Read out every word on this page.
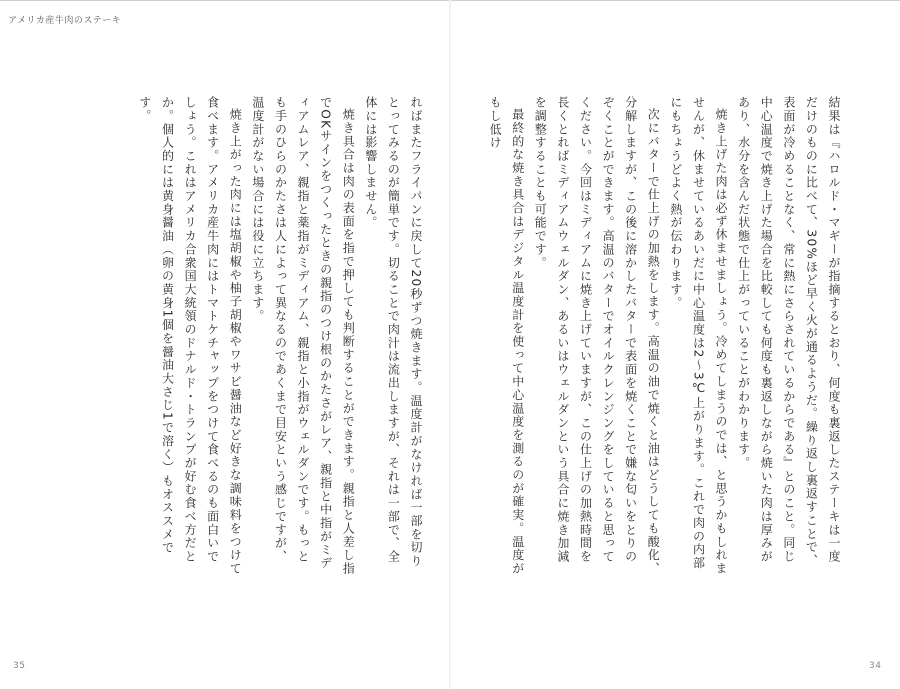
アメリカ産牛肉のステーキ

結果は『ハロルド・マギーが指摘するとおり、何度も裏返したステーキは一度だけのものに比べて、30%ほど早く火が通るようだ。繰り返し裏返すことで、表面が冷めることなく、常に熱にさらされているからである』とのこと。同じ中心温度で焼き上げた場合を比較しても何度も裏返しながら焼いた肉は厚みがあり、水分を含んだ状態で仕上がっていることがわかります。

焼き上げた肉は必ず休ませましょう。冷めてしまうのでは、と思うかもしれませんが、休ませているあいだに中心温度は2～3℃上がります。これで肉の内部にもちょうどよく熱が伝わります。

次にバターで仕上げの加熱をします。高温の油で焼くと油はどうしても酸化、分解しますが、この後に溶かしたバターで表面を焼くことで嫌な匂いをとりのぞくことができます。高温のバターでオイルクレンジングをしていると思ってください。今回はミディアムに焼き上げていますが、この仕上げの加熱時間を長くとればミディアムウェルダン、あるいはウェルダンという具合に焼き加減を調整することも可能です。

最終的な焼き具合はデジタル温度計を使って中心温度を測るのが確実。温度がもし低け

ればまたフライパンに戻して20秒ずつ焼きます。温度計がなければ一部を切りとってみるのが簡単です。切ることで肉汁は流出しますが、それは一部で、全体には影響しません。

焼き具合は肉の表面を指で押しても判断することができます。親指と人差し指でOKサインをつくったときの親指のつけ根のかたさがレア、親指と中指がミディアムレア、親指と薬指がミディアム、親指と小指がウェルダンです。もっとも手のひらのかたさは人によって異なるのであくまで目安という感じですが、温度計がない場合には役に立ちます。

焼き上がった肉には塩胡椒や柚子胡椒やワサビ醤油など好きな調味料をつけて食べます。アメリカ産牛肉にはトマトケチャップをつけて食べるのも面白いでしょう。これはアメリカ合衆国大統領のドナルド・トランプが好む食べ方だとか。個人的には黄身醤油（卵の黄身1個を醤油大さじ1で溶く）もオススメです。

35	34
